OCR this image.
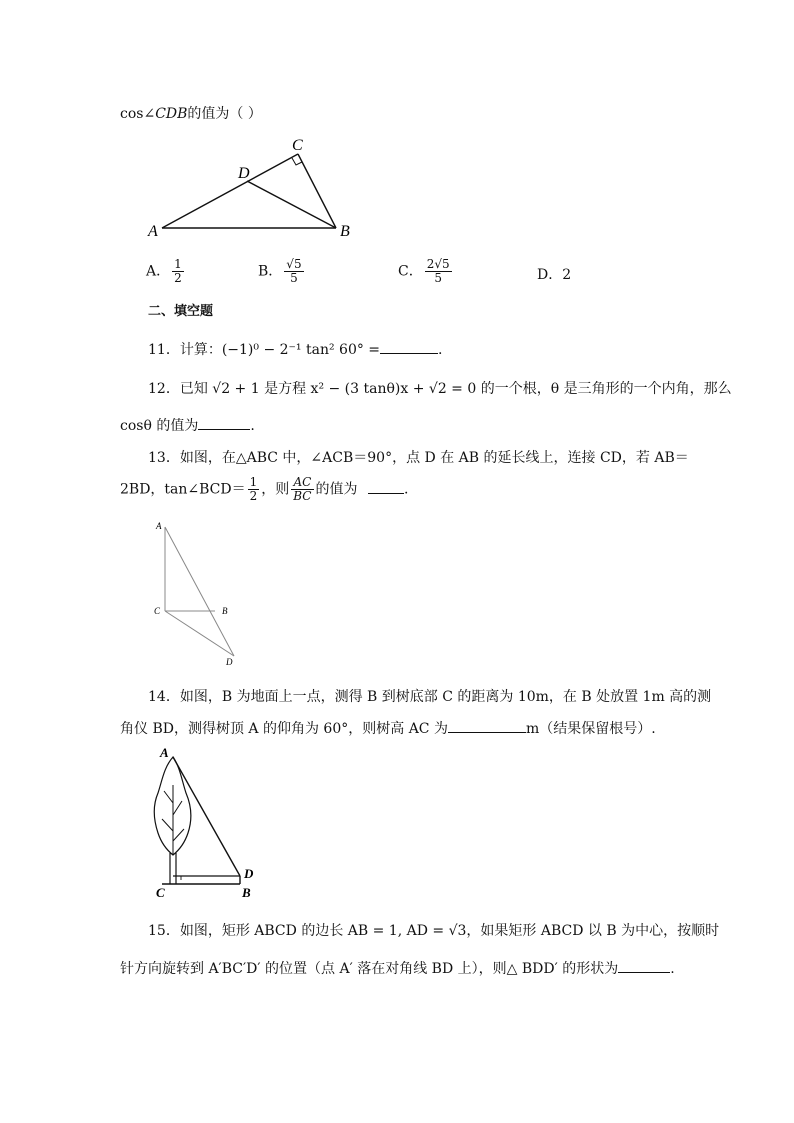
cos∠CDB的值为（ ）
A	B
C
D
A． $\frac{1}{2}$	B． $\frac{√5}{5}$	C． $\frac{2√5}{5}$	D．2
二、填空题
11．计算：(−1)⁰ − 2⁻¹ tan² 60° =	.
12．已知 √2 + 1 是方程 x² − (3 tanθ)x + √2 = 0 的一个根，θ 是三角形的一个内角，那么
cosθ 的值为	.
13．如图，在△ABC 中，∠ACB＝90°，点 D 在 AB 的延长线上，连接 CD，若 AB＝
2BD，tan∠BCD＝ $\frac{1}{2}$ ，则 $\frac{AC}{BC}$ 的值为	.
A
C	B
D
14．如图，B 为地面上一点，测得 B 到树底部 C 的距离为 10m，在 B 处放置 1m 高的测
角仪 BD，测得树顶 A 的仰角为 60°，则树高 AC 为	m（结果保留根号）.
A
D
C	B
15．如图，矩形 ABCD 的边长 AB = 1, AD = √3，如果矩形 ABCD 以 B 为中心，按顺时
针方向旋转到 A′BC′D′ 的位置（点 A′ 落在对角线 BD 上），则△ BDD′ 的形状为	.
